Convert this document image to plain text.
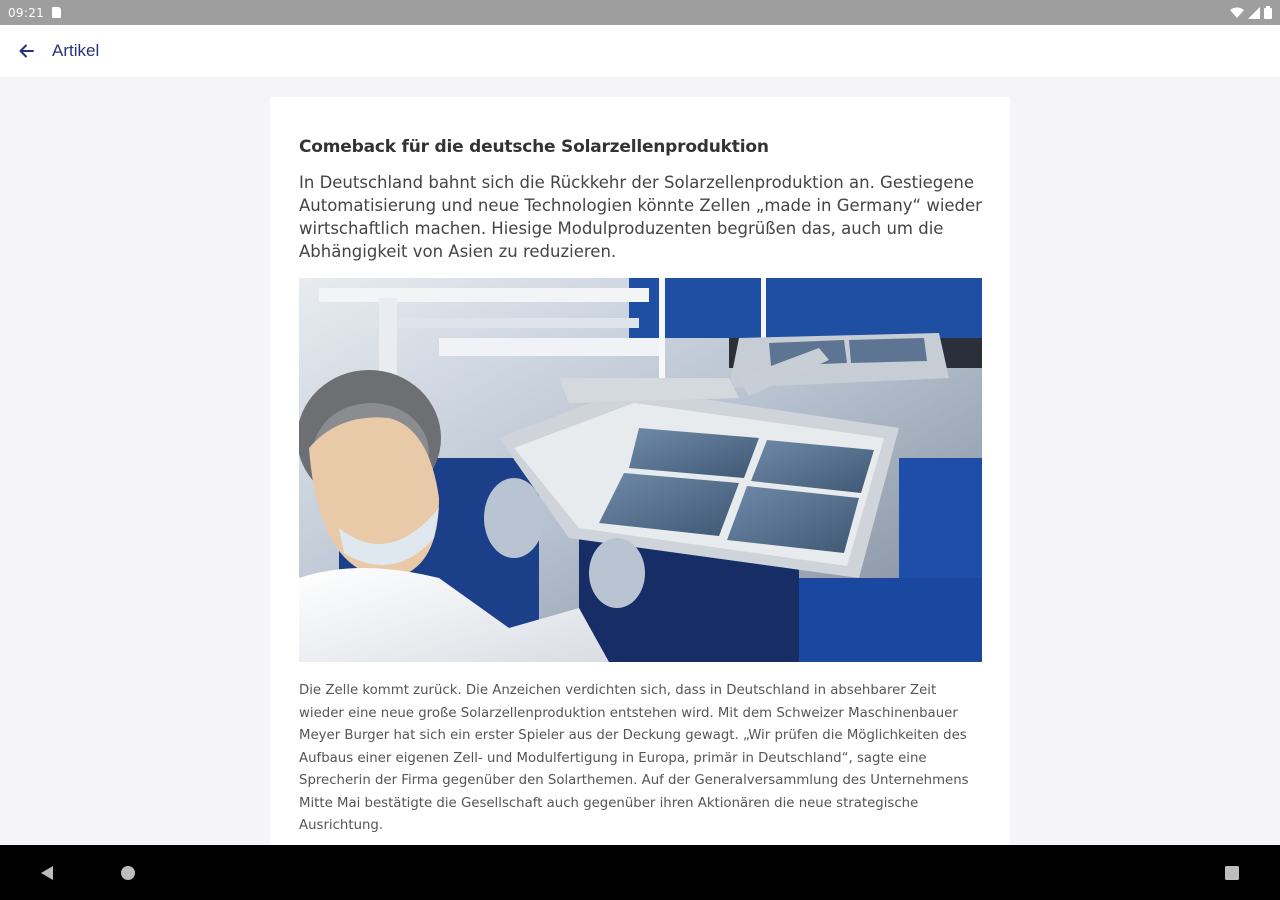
09:21
Artikel
Comeback für die deutsche Solarzellenproduktion

In Deutschland bahnt sich die Rückkehr der Solarzellenproduktion an. Gestiegene Automatisierung und neue Technologien könnte Zellen „made in Germany“ wieder wirtschaftlich machen. Hiesige Modulproduzenten begrüßen das, auch um die Abhängigkeit von Asien zu reduzieren.

Die Zelle kommt zurück. Die Anzeichen verdichten sich, dass in Deutschland in absehbarer Zeit wieder eine neue große Solarzellenproduktion entstehen wird. Mit dem Schweizer Maschinenbauer Meyer Burger hat sich ein erster Spieler aus der Deckung gewagt. „Wir prüfen die Möglichkeiten des Aufbaus einer eigenen Zell- und Modulfertigung in Europa, primär in Deutschland“, sagte eine Sprecherin der Firma gegenüber den Solarthemen. Auf der Generalversammlung des Unternehmens Mitte Mai bestätigte die Gesellschaft auch gegenüber ihren Aktionären die neue strategische Ausrichtung.
